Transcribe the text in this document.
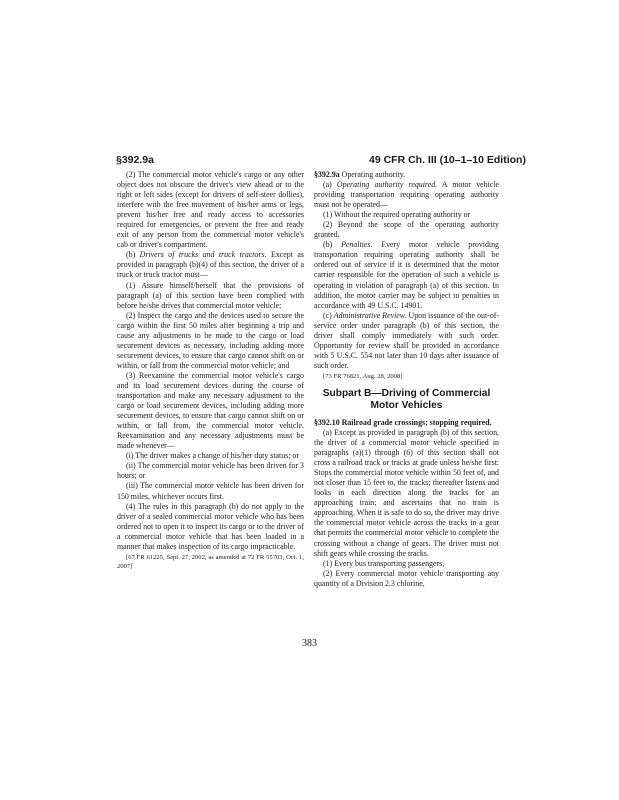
§392.9a	49 CFR Ch. III (10–1–10 Edition)

(2) The commercial motor vehicle's cargo or any other object does not obscure the driver's view ahead or to the right or left sides (except for drivers of self-steer dollies), interfere with the free movement of his/her arms or legs, prevent his/her free and ready access to accessories required for emergencies, or prevent the free and ready exit of any person from the commercial motor vehicle's cab or driver's compartment.

(b) Drivers of trucks and truck tractors. Except as provided in paragraph (b)(4) of this section, the driver of a truck or truck tractor must—

(1) Assure himself/herself that the provisions of paragraph (a) of this section have been complied with before he/she drives that commercial motor vehicle;

(2) Inspect the cargo and the devices used to secure the cargo within the first 50 miles after beginning a trip and cause any adjustments to be made to the cargo or load securement devices as necessary, including adding more securement devices, to ensure that cargo cannot shift on or within, or fall from the commercial motor vehicle; and

(3) Reexamine the commercial motor vehicle's cargo and its load securement devices during the course of transportation and make any necessary adjustment to the cargo or load securement devices, including adding more securement devices, to ensure that cargo cannot shift on or within, or fall from, the commercial motor vehicle. Reexamination and any necessary adjustments must be made whenever—

(i) The driver makes a change of his/her duty status; or

(ii) The commercial motor vehicle has been driven for 3 hours; or

(iii) The commercial motor vehicle has been driven for 150 miles, whichever occurs first.

(4) The rules in this paragraph (b) do not apply to the driver of a sealed commercial motor vehicle who has been ordered not to open it to inspect its cargo or to the driver of a commercial motor vehicle that has been loaded in a manner that makes inspection of its cargo impracticable.

[67 FR 61225, Sept. 27, 2002, as amended at 72 FR 55703, Oct. 1, 2007]

§392.9a Operating authority.

(a) Operating authority required. A motor vehicle providing transportation requiring operating authority must not be operated—

(1) Without the required operating authority or

(2) Beyond the scope of the operating authority granted.

(b) Penalties. Every motor vehicle providing transportation requiring operating authority shall be ordered out of service if it is determined that the motor carrier responsible for the operation of such a vehicle is operating in violation of paragraph (a) of this section. In addition, the motor carrier may be subject to penalties in accordance with 49 U.S.C. 14901.

(c) Administrative Review. Upon issuance of the out-of-service order under paragraph (b) of this section, the driver shall comply immediately with such order. Opportunity for review shall be provided in accordance with 5 U.S.C. 554 not later than 10 days after issuance of such order.

[73 FR 76821, Aug. 28, 2008]

Subpart B—Driving of Commercial Motor Vehicles

§392.10 Railroad grade crossings; stopping required.

(a) Except as provided in paragraph (b) of this section, the driver of a commercial motor vehicle specified in paragraphs (a)(1) through (6) of this section shall not cross a railroad track or tracks at grade unless he/she first: Stops the commercial motor vehicle within 50 feet of, and not closer than 15 feet to, the tracks; thereafter listens and looks in each direction along the tracks for an approaching train; and ascertains that no train is approaching. When it is safe to do so, the driver may drive the commercial motor vehicle across the tracks in a gear that permits the commercial motor vehicle to complete the crossing without a change of gears. The driver must not shift gears while crossing the tracks.

(1) Every bus transporting passengers,

(2) Every commercial motor vehicle transporting any quantity of a Division 2.3 chlorine,

383
